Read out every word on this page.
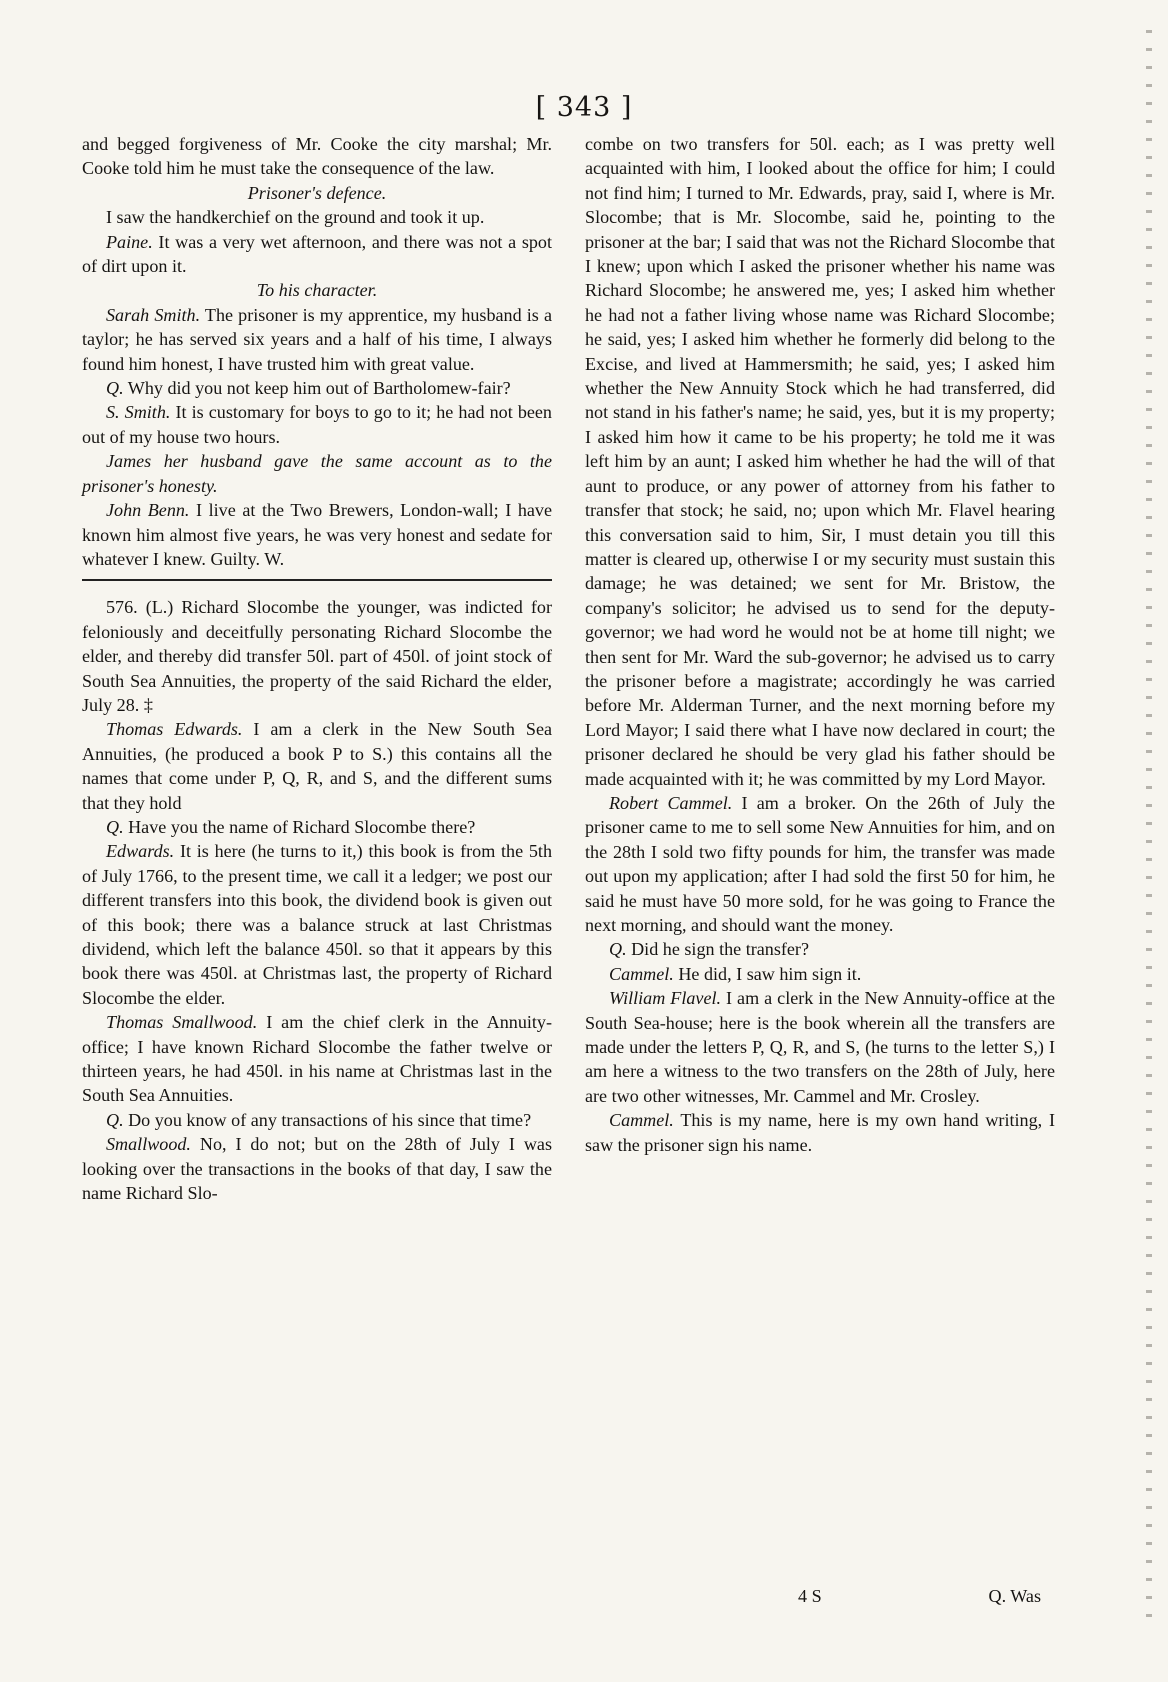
[ 343 ]

and begged forgiveness of Mr. Cooke the city marshal; Mr. Cooke told him he must take the consequence of the law.

Prisoner's defence.

I saw the handkerchief on the ground and took it up.

Paine. It was a very wet afternoon, and there was not a spot of dirt upon it.

To his character.

Sarah Smith. The prisoner is my apprentice, my husband is a taylor; he has served six years and a half of his time, I always found him honest, I have trusted him with great value.

Q. Why did you not keep him out of Bartholomew-fair?

S. Smith. It is customary for boys to go to it; he had not been out of my house two hours.

James her husband gave the same account as to the prisoner's honesty.

John Benn. I live at the Two Brewers, London-wall; I have known him almost five years, he was very honest and sedate for whatever I knew. Guilty. W.

576. (L.) Richard Slocombe the younger, was indicted for feloniously and deceitfully personating Richard Slocombe the elder, and thereby did transfer 50l. part of 450l. of joint stock of South Sea Annuities, the property of the said Richard the elder, July 28. ‡

Thomas Edwards. I am a clerk in the New South Sea Annuities, (he produced a book P to S.) this contains all the names that come under P, Q, R, and S, and the different sums that they hold

Q. Have you the name of Richard Slocombe there?

Edwards. It is here (he turns to it,) this book is from the 5th of July 1766, to the present time, we call it a ledger; we post our different transfers into this book, the dividend book is given out of this book; there was a balance struck at last Christmas dividend, which left the balance 450l. so that it appears by this book there was 450l. at Christmas last, the property of Richard Slocombe the elder.

Thomas Smallwood. I am the chief clerk in the Annuity-office; I have known Richard Slocombe the father twelve or thirteen years, he had 450l. in his name at Christmas last in the South Sea Annuities.

Q. Do you know of any transactions of his since that time?

Smallwood. No, I do not; but on the 28th of July I was looking over the transactions in the books of that day, I saw the name Richard Slo-

combe on two transfers for 50l. each; as I was pretty well acquainted with him, I looked about the office for him; I could not find him; I turned to Mr. Edwards, pray, said I, where is Mr. Slocombe; that is Mr. Slocombe, said he, pointing to the prisoner at the bar; I said that was not the Richard Slocombe that I knew; upon which I asked the prisoner whether his name was Richard Slocombe; he answered me, yes; I asked him whether he had not a father living whose name was Richard Slocombe; he said, yes; I asked him whether he formerly did belong to the Excise, and lived at Hammersmith; he said, yes; I asked him whether the New Annuity Stock which he had transferred, did not stand in his father's name; he said, yes, but it is my property; I asked him how it came to be his property; he told me it was left him by an aunt; I asked him whether he had the will of that aunt to produce, or any power of attorney from his father to transfer that stock; he said, no; upon which Mr. Flavel hearing this conversation said to him, Sir, I must detain you till this matter is cleared up, otherwise I or my security must sustain this damage; he was detained; we sent for Mr. Bristow, the company's solicitor; he advised us to send for the deputy-governor; we had word he would not be at home till night; we then sent for Mr. Ward the sub-governor; he advised us to carry the prisoner before a magistrate; accordingly he was carried before Mr. Alderman Turner, and the next morning before my Lord Mayor; I said there what I have now declared in court; the prisoner declared he should be very glad his father should be made acquainted with it; he was committed by my Lord Mayor.

Robert Cammel. I am a broker. On the 26th of July the prisoner came to me to sell some New Annuities for him, and on the 28th I sold two fifty pounds for him, the transfer was made out upon my application; after I had sold the first 50 for him, he said he must have 50 more sold, for he was going to France the next morning, and should want the money.

Q. Did he sign the transfer?

Cammel. He did, I saw him sign it.

William Flavel. I am a clerk in the New Annuity-office at the South Sea-house; here is the book wherein all the transfers are made under the letters P, Q, R, and S, (he turns to the letter S,) I am here a witness to the two transfers on the 28th of July, here are two other witnesses, Mr. Cammel and Mr. Crosley.

Cammel. This is my name, here is my own hand writing, I saw the prisoner sign his name.

4 S	Q. Was
